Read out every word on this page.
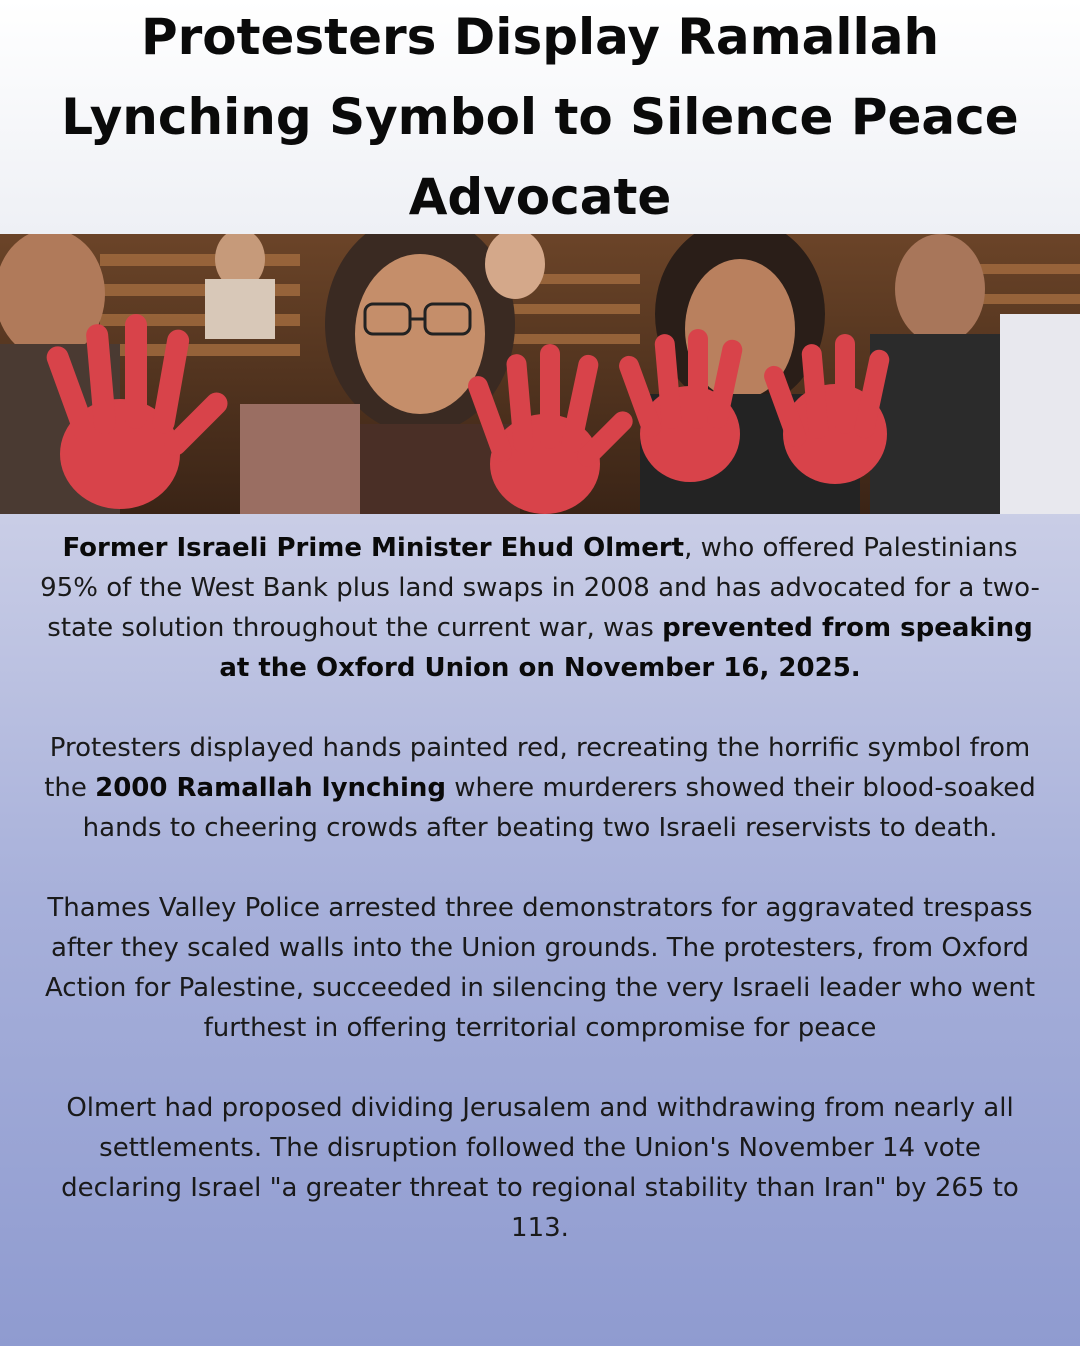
Protesters Display Ramallah Lynching Symbol to Silence Peace Advocate

Former Israeli Prime Minister Ehud Olmert, who offered Palestinians 95% of the West Bank plus land swaps in 2008 and has advocated for a two-state solution throughout the current war, was prevented from speaking at the Oxford Union on November 16, 2025.

Protesters displayed hands painted red, recreating the horrific symbol from the 2000 Ramallah lynching where murderers showed their blood-soaked hands to cheering crowds after beating two Israeli reservists to death.

Thames Valley Police arrested three demonstrators for aggravated trespass after they scaled walls into the Union grounds. The protesters, from Oxford Action for Palestine, succeeded in silencing the very Israeli leader who went furthest in offering territorial compromise for peace

Olmert had proposed dividing Jerusalem and withdrawing from nearly all settlements. The disruption followed the Union's November 14 vote declaring Israel "a greater threat to regional stability than Iran" by 265 to 113.
